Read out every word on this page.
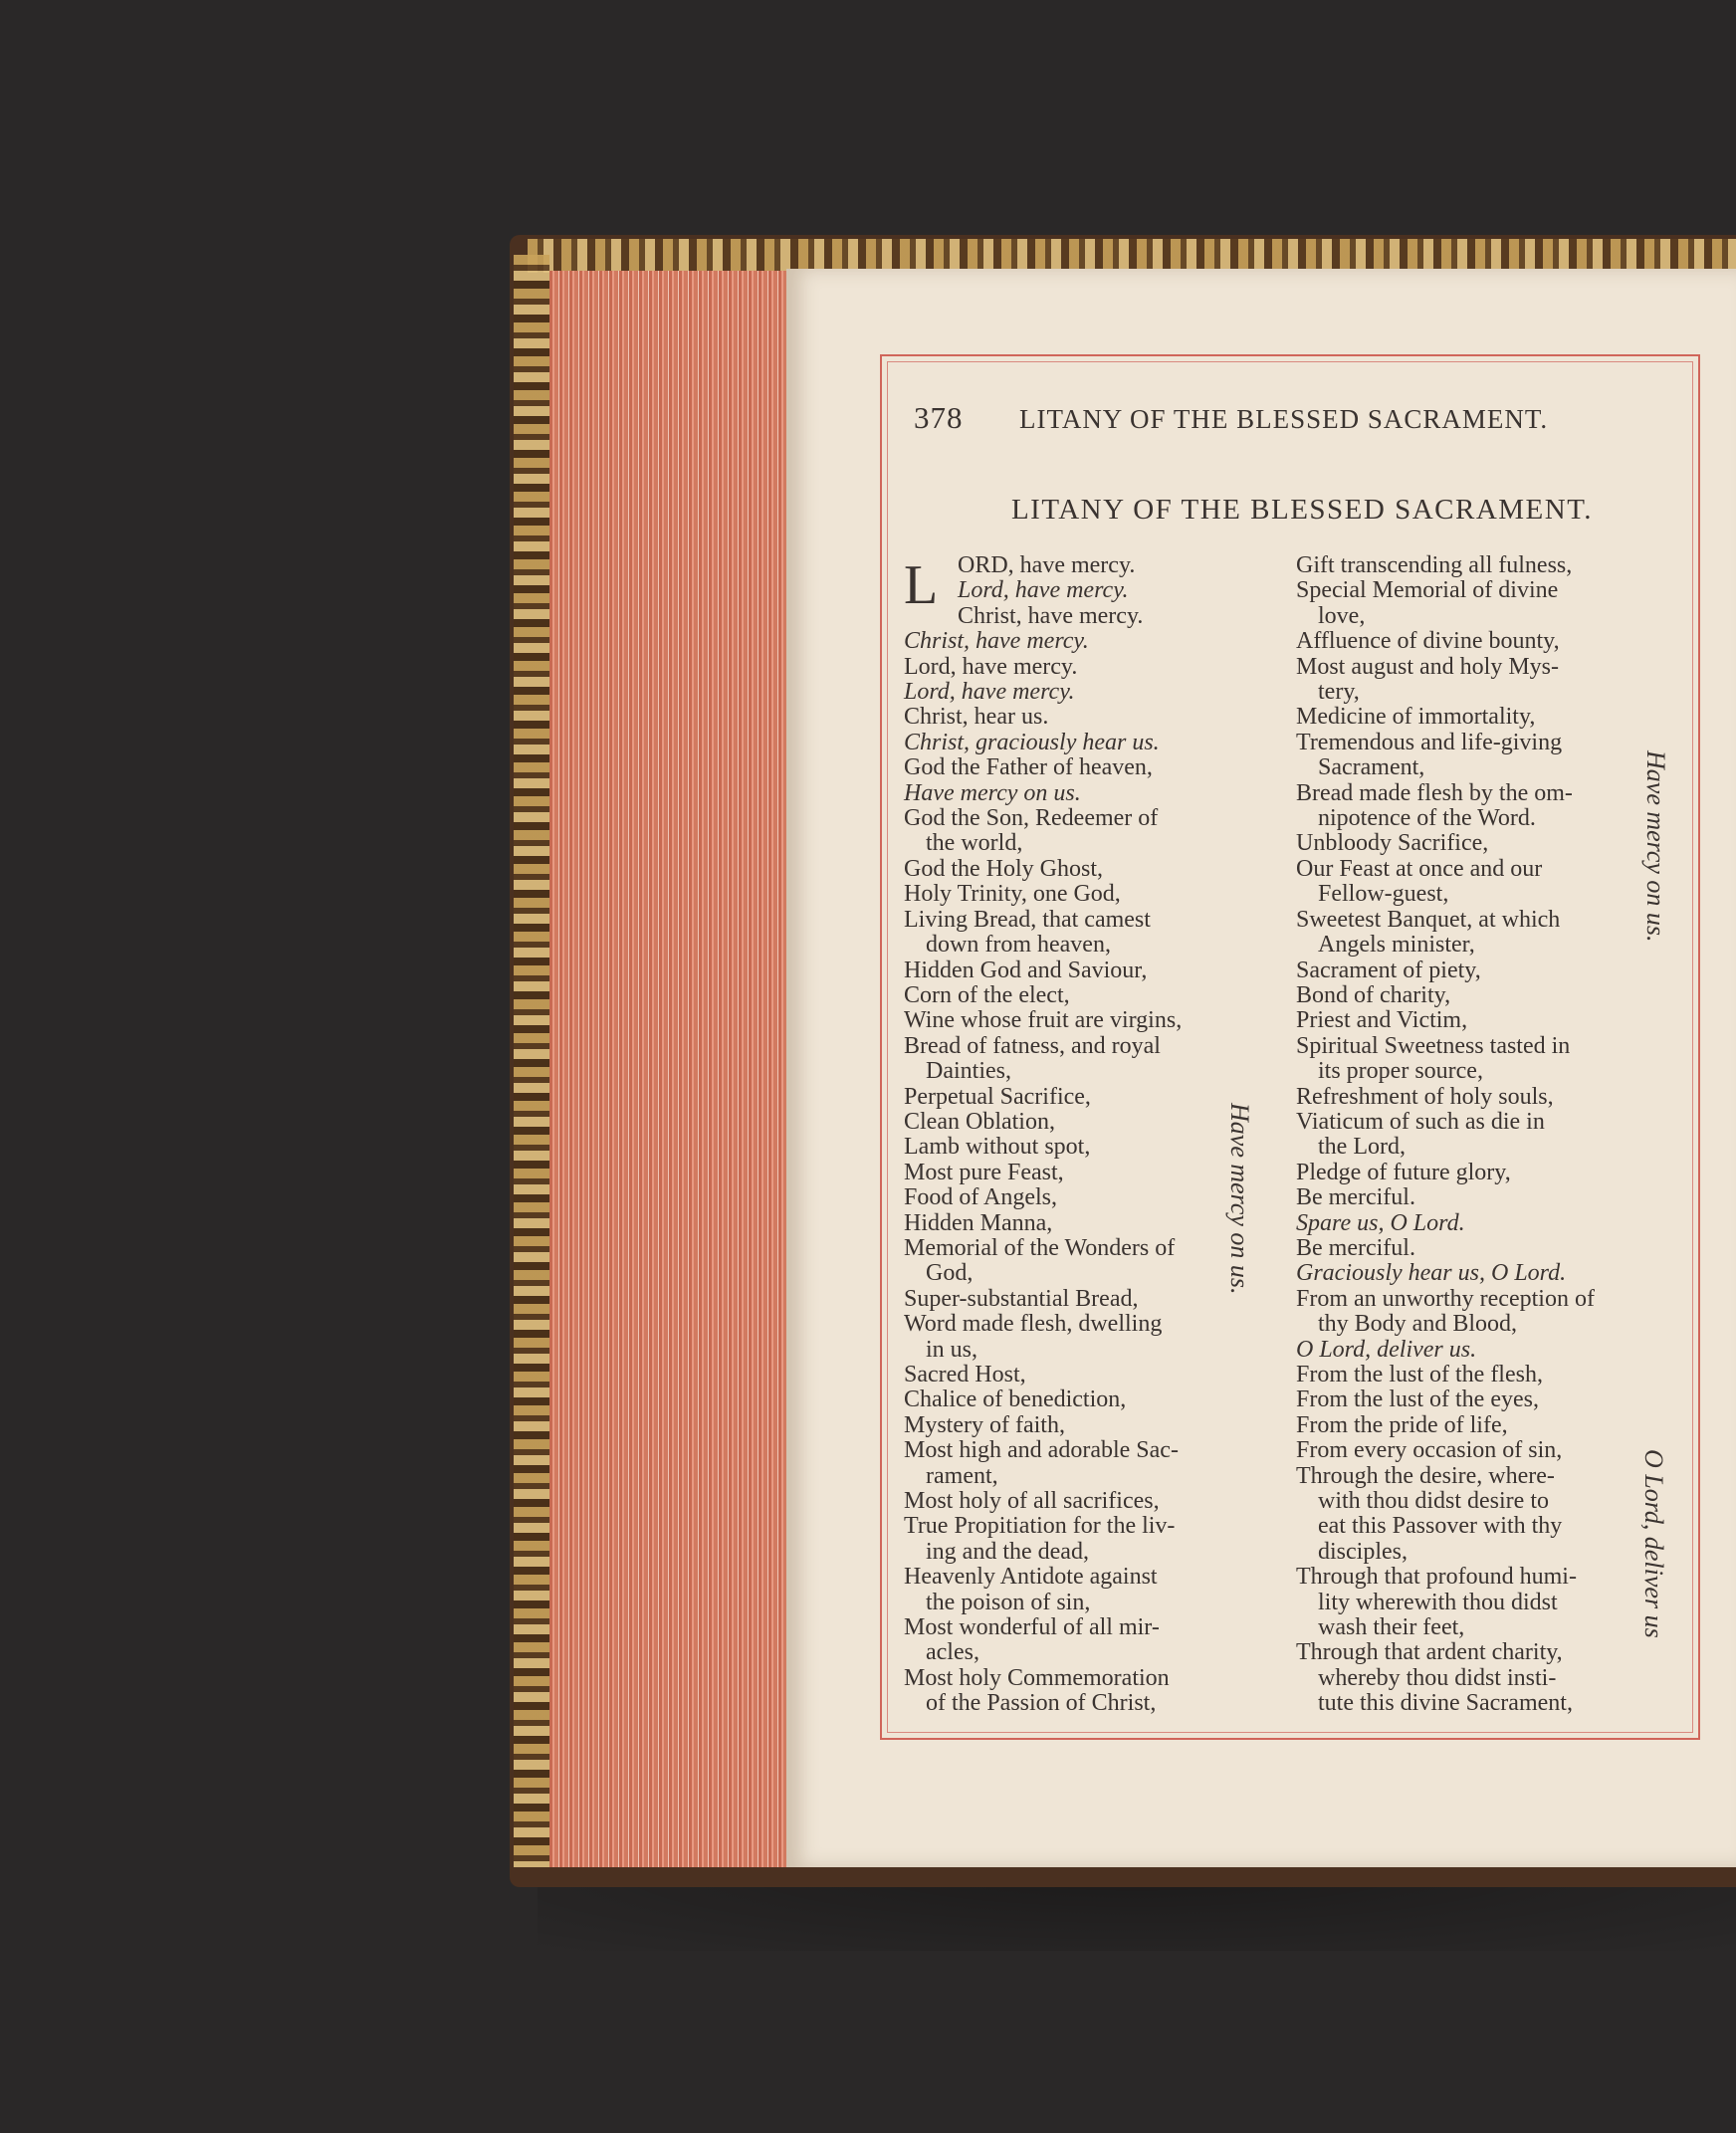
378 LITANY OF THE BLESSED SACRAMENT.
LITANY OF THE BLESSED SACRAMENT.
L ORD, have mercy.
Lord, have mercy.
Christ, have mercy.
Christ, have mercy.
Lord, have mercy.
Lord, have mercy.
Christ, hear us.
Christ, graciously hear us.
God the Father of heaven,
Have mercy on us.
God the Son, Redeemer of
the world,
God the Holy Ghost,
Holy Trinity, one God,
Living Bread, that camest
down from heaven,
Hidden God and Saviour,
Corn of the elect,
Wine whose fruit are virgins,
Bread of fatness, and royal
Dainties,
Perpetual Sacrifice,
Clean Oblation,
Lamb without spot,
Most pure Feast,
Food of Angels,
Hidden Manna,
Memorial of the Wonders of
God,
Super-substantial Bread,
Word made flesh, dwelling
in us,
Sacred Host,
Chalice of benediction,
Mystery of faith,
Most high and adorable Sac-
rament,
Most holy of all sacrifices,
True Propitiation for the liv-
ing and the dead,
Heavenly Antidote against
the poison of sin,
Most wonderful of all mir-
acles,
Most holy Commemoration
of the Passion of Christ,
Gift transcending all fulness,
Special Memorial of divine
love,
Affluence of divine bounty,
Most august and holy Mys-
tery,
Medicine of immortality,
Tremendous and life-giving
Sacrament,
Bread made flesh by the om-
nipotence of the Word.
Unbloody Sacrifice,
Our Feast at once and our
Fellow-guest,
Sweetest Banquet, at which
Angels minister,
Sacrament of piety,
Bond of charity,
Priest and Victim,
Spiritual Sweetness tasted in
its proper source,
Refreshment of holy souls,
Viaticum of such as die in
the Lord,
Pledge of future glory,
Be merciful.
Spare us, O Lord.
Be merciful.
Graciously hear us, O Lord.
From an unworthy reception of
thy Body and Blood,
O Lord, deliver us.
From the lust of the flesh,
From the lust of the eyes,
From the pride of life,
From every occasion of sin,
Through the desire, where-
with thou didst desire to
eat this Passover with thy
disciples,
Through that profound humi-
lity wherewith thou didst
wash their feet,
Through that ardent charity,
whereby thou didst insti-
tute this divine Sacrament,
Have mercy on us.
Have mercy on us.
O Lord, deliver us
